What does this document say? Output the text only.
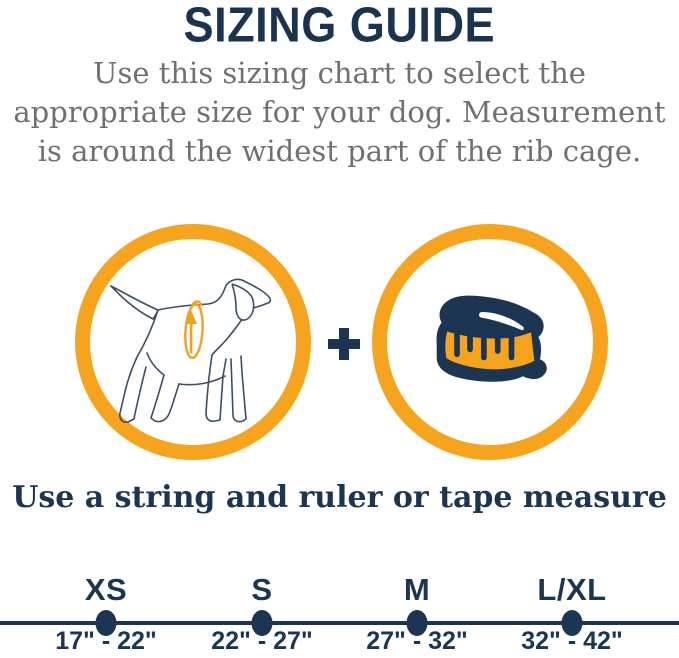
SIZING GUIDE
Use this sizing chart to select the
appropriate size for your dog. Measurement
is around the widest part of the rib cage.
Use a string and ruler or tape measure
XS
17" - 22"
S
22" - 27"
M
27" - 32"
L/XL
32" - 42"
